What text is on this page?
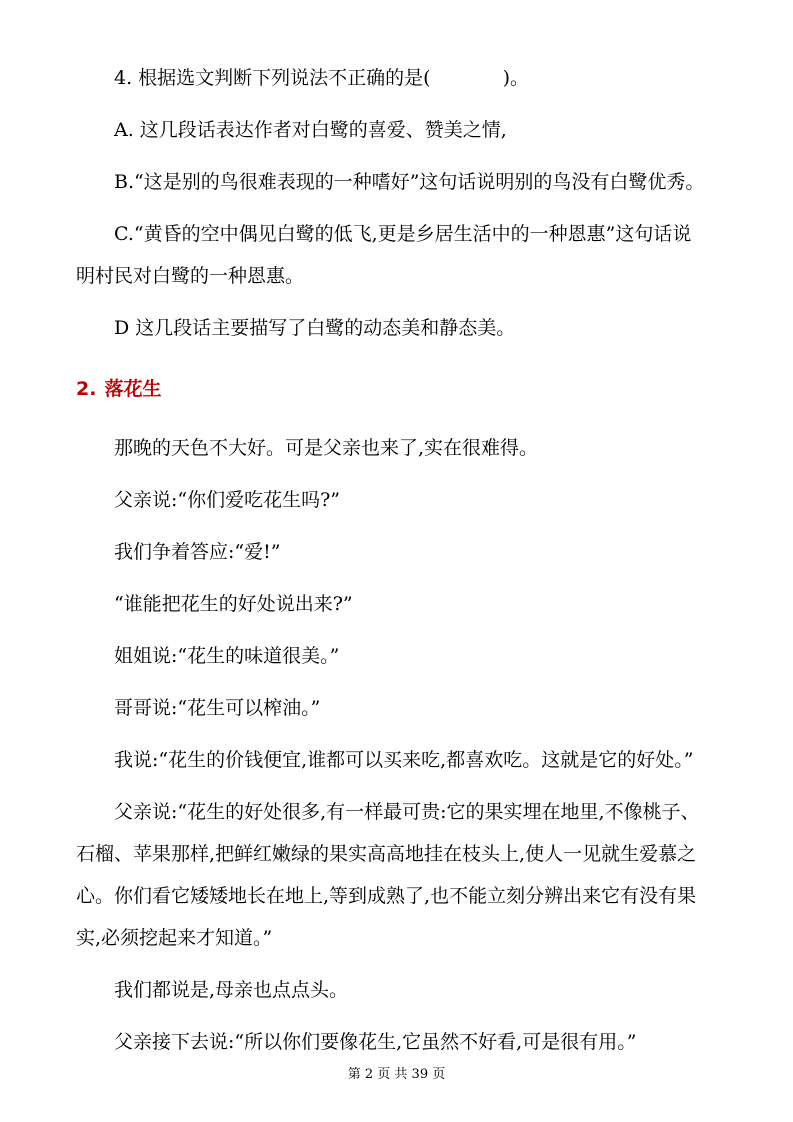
4. 根据选文判断下列说法不正确的是(	)。
A. 这几段话表达作者对白鹭的喜爱、赞美之情,
B.“这是别的鸟很难表现的一种嗜好”这句话说明别的鸟没有白鹭优秀。
C.“黄昏的空中偶见白鹭的低飞,更是乡居生活中的一种恩惠”这句话说
明村民对白鹭的一种恩惠。
D 这几段话主要描写了白鹭的动态美和静态美。
2. 落花生
那晚的天色不大好。可是父亲也来了,实在很难得。
父亲说:“你们爱吃花生吗?”
我们争着答应:“爱!”
“谁能把花生的好处说出来?”
姐姐说:“花生的味道很美。”
哥哥说:“花生可以榨油。”
我说:“花生的价钱便宜,谁都可以买来吃,都喜欢吃。这就是它的好处。”
父亲说:“花生的好处很多,有一样最可贵:它的果实埋在地里,不像桃子、
石榴、苹果那样,把鲜红嫩绿的果实高高地挂在枝头上,使人一见就生爱慕之
心。你们看它矮矮地长在地上,等到成熟了,也不能立刻分辨出来它有没有果
实,必须挖起来才知道。”
我们都说是,母亲也点点头。
父亲接下去说:“所以你们要像花生,它虽然不好看,可是很有用。”
第 2 页 共 39 页
